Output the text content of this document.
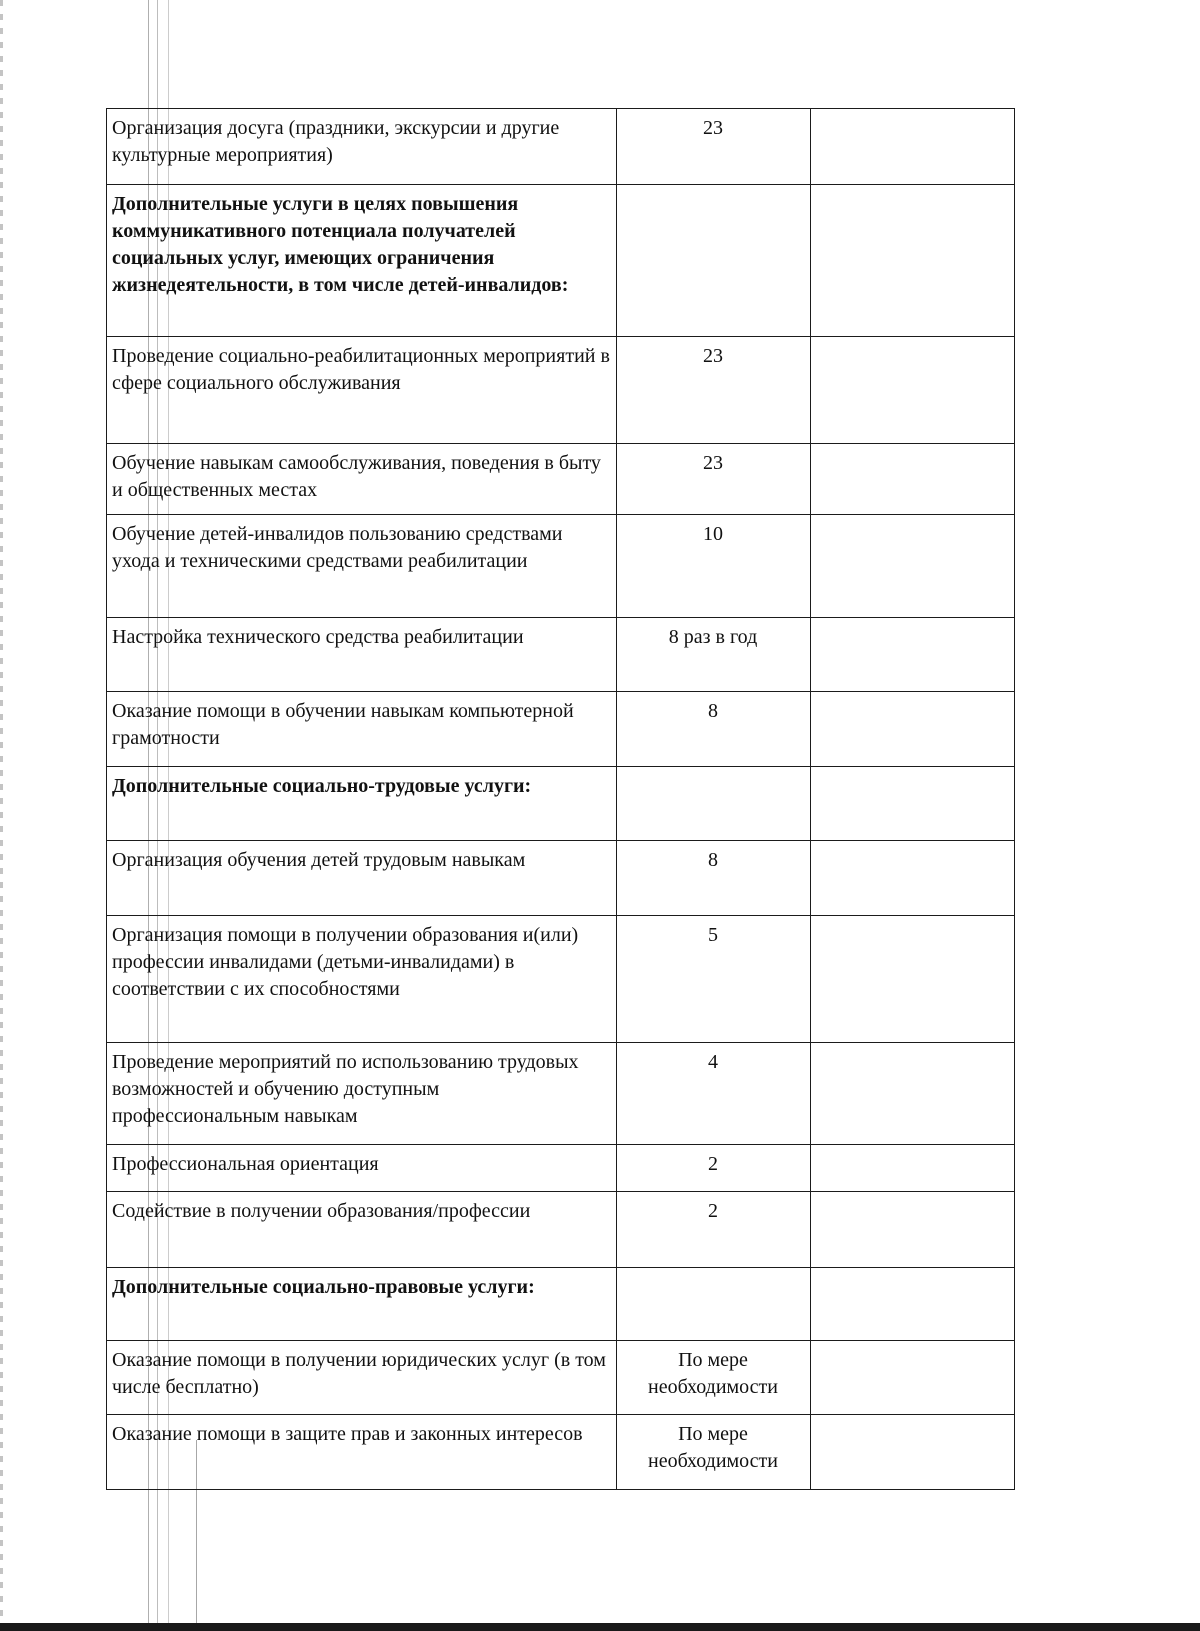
Организация досуга (праздники, экскурсии и другие культурные мероприятия)	23	
Дополнительные услуги в целях повышения коммуникативного потенциала получателей социальных услуг, имеющих ограничения жизнедеятельности, в том числе детей-инвалидов:		
Проведение социально-реабилитационных мероприятий в сфере социального обслуживания	23	
Обучение навыкам самообслуживания, поведения в быту и общественных местах	23	
Обучение детей-инвалидов пользованию средствами ухода и техническими средствами реабилитации	10	
Настройка технического средства реабилитации	8 раз в год	
Оказание помощи в обучении навыкам компьютерной грамотности	8	
Дополнительные социально-трудовые услуги:		
Организация обучения детей трудовым навыкам	8	
Организация помощи в получении образования и(или) профессии инвалидами (детьми-инвалидами) в соответствии с их способностями	5	
Проведение мероприятий по использованию трудовых возможностей и обучению доступным профессиональным навыкам	4	
Профессиональная ориентация	2	
Содействие в получении образования/профессии	2	
Дополнительные социально-правовые услуги:		
Оказание помощи в получении юридических услуг (в том числе бесплатно)	По мере необходимости	
Оказание помощи в защите прав и законных интересов	По мере необходимости	
